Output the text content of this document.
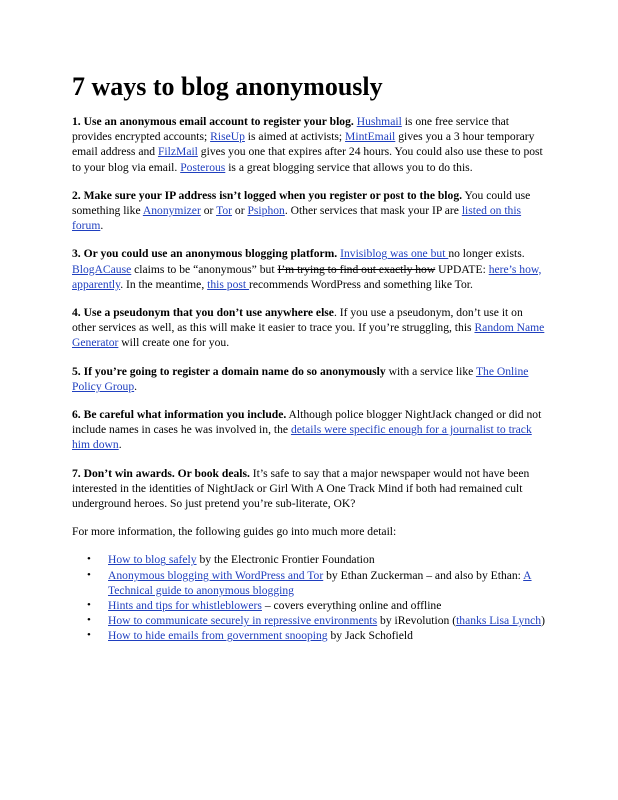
7 ways to blog anonymously

1. Use an anonymous email account to register your blog. Hushmail is one free service that provides encrypted accounts; RiseUp is aimed at activists; MintEmail gives you a 3 hour temporary email address and FilzMail gives you one that expires after 24 hours. You could also use these to post to your blog via email. Posterous is a great blogging service that allows you to do this.

2. Make sure your IP address isn’t logged when you register or post to the blog. You could use something like Anonymizer or Tor or Psiphon. Other services that mask your IP are listed on this forum.

3. Or you could use an anonymous blogging platform. Invisiblog was one but no longer exists. BlogACause claims to be “anonymous” but I’m trying to find out exactly how UPDATE: here’s how, apparently. In the meantime, this post recommends WordPress and something like Tor.

4. Use a pseudonym that you don’t use anywhere else. If you use a pseudonym, don’t use it on other services as well, as this will make it easier to trace you. If you’re struggling, this Random Name Generator will create one for you.

5. If you’re going to register a domain name do so anonymously with a service like The Online Policy Group.

6. Be careful what information you include. Although police blogger NightJack changed or did not include names in cases he was involved in, the details were specific enough for a journalist to track him down.

7. Don’t win awards. Or book deals. It’s safe to say that a major newspaper would not have been interested in the identities of NightJack or Girl With A One Track Mind if both had remained cult underground heroes. So just pretend you’re sub-literate, OK?

For more information, the following guides go into much more detail:

• How to blog safely by the Electronic Frontier Foundation
• Anonymous blogging with WordPress and Tor by Ethan Zuckerman – and also by Ethan: A Technical guide to anonymous blogging
• Hints and tips for whistleblowers – covers everything online and offline
• How to communicate securely in repressive environments by iRevolution (thanks Lisa Lynch)
• How to hide emails from government snooping by Jack Schofield
